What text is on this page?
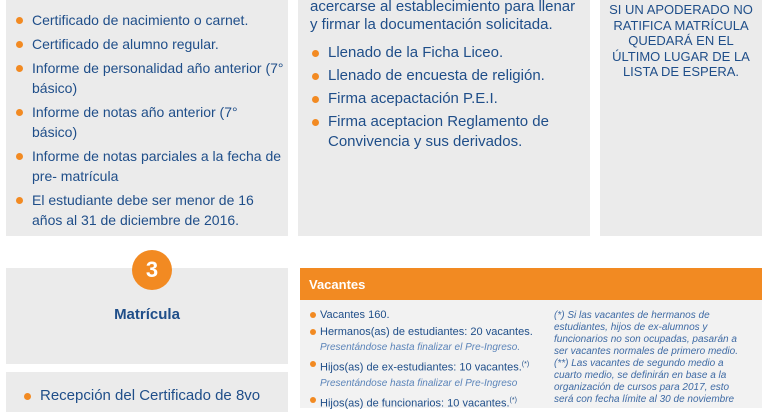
Certificado de nacimiento o carnet.
Certificado de alumno regular.
Informe de personalidad año anterior (7° básico)
Informe de notas año anterior (7° básico)
Informe de notas parciales a la fecha de pre- matrícula
El estudiante debe ser menor de 16 años al 31 de diciembre de 2016.
acercarse al establecimiento para llenar y firmar la documentación solicitada.
Llenado de la Ficha Liceo.
Llenado de encuesta de religión.
Firma acepactación P.E.I.
Firma aceptacion Reglamento de Convivencia y sus derivados.
SI UN APODERADO NO RATIFICA MATRÍCULA QUEDARÁ EN EL ÚLTIMO LUGAR DE LA LISTA DE ESPERA.
Matrícula
3
Recepción del Certificado de 8vo
Vacantes
Vacantes 160.
Hermanos(as) de estudiantes: 20 vacantes.
Presentándose hasta finalizar el Pre-Ingreso.
Hijos(as) de ex-estudiantes: 10 vacantes.(*)
Presentándose hasta finalizar el Pre-Ingreso
Hijos(as) de funcionarios: 10 vacantes.(*)

(*) Si las vacantes de hermanos de estudiantes, hijos de ex-alumnos y funcionarios no son ocupadas, pasarán a ser vacantes normales de primero medio.

(**) Las vacantes de segundo medio a cuarto medio, se definirán en base a la organización de cursos para 2017, esto será con fecha límite al 30 de noviembre
